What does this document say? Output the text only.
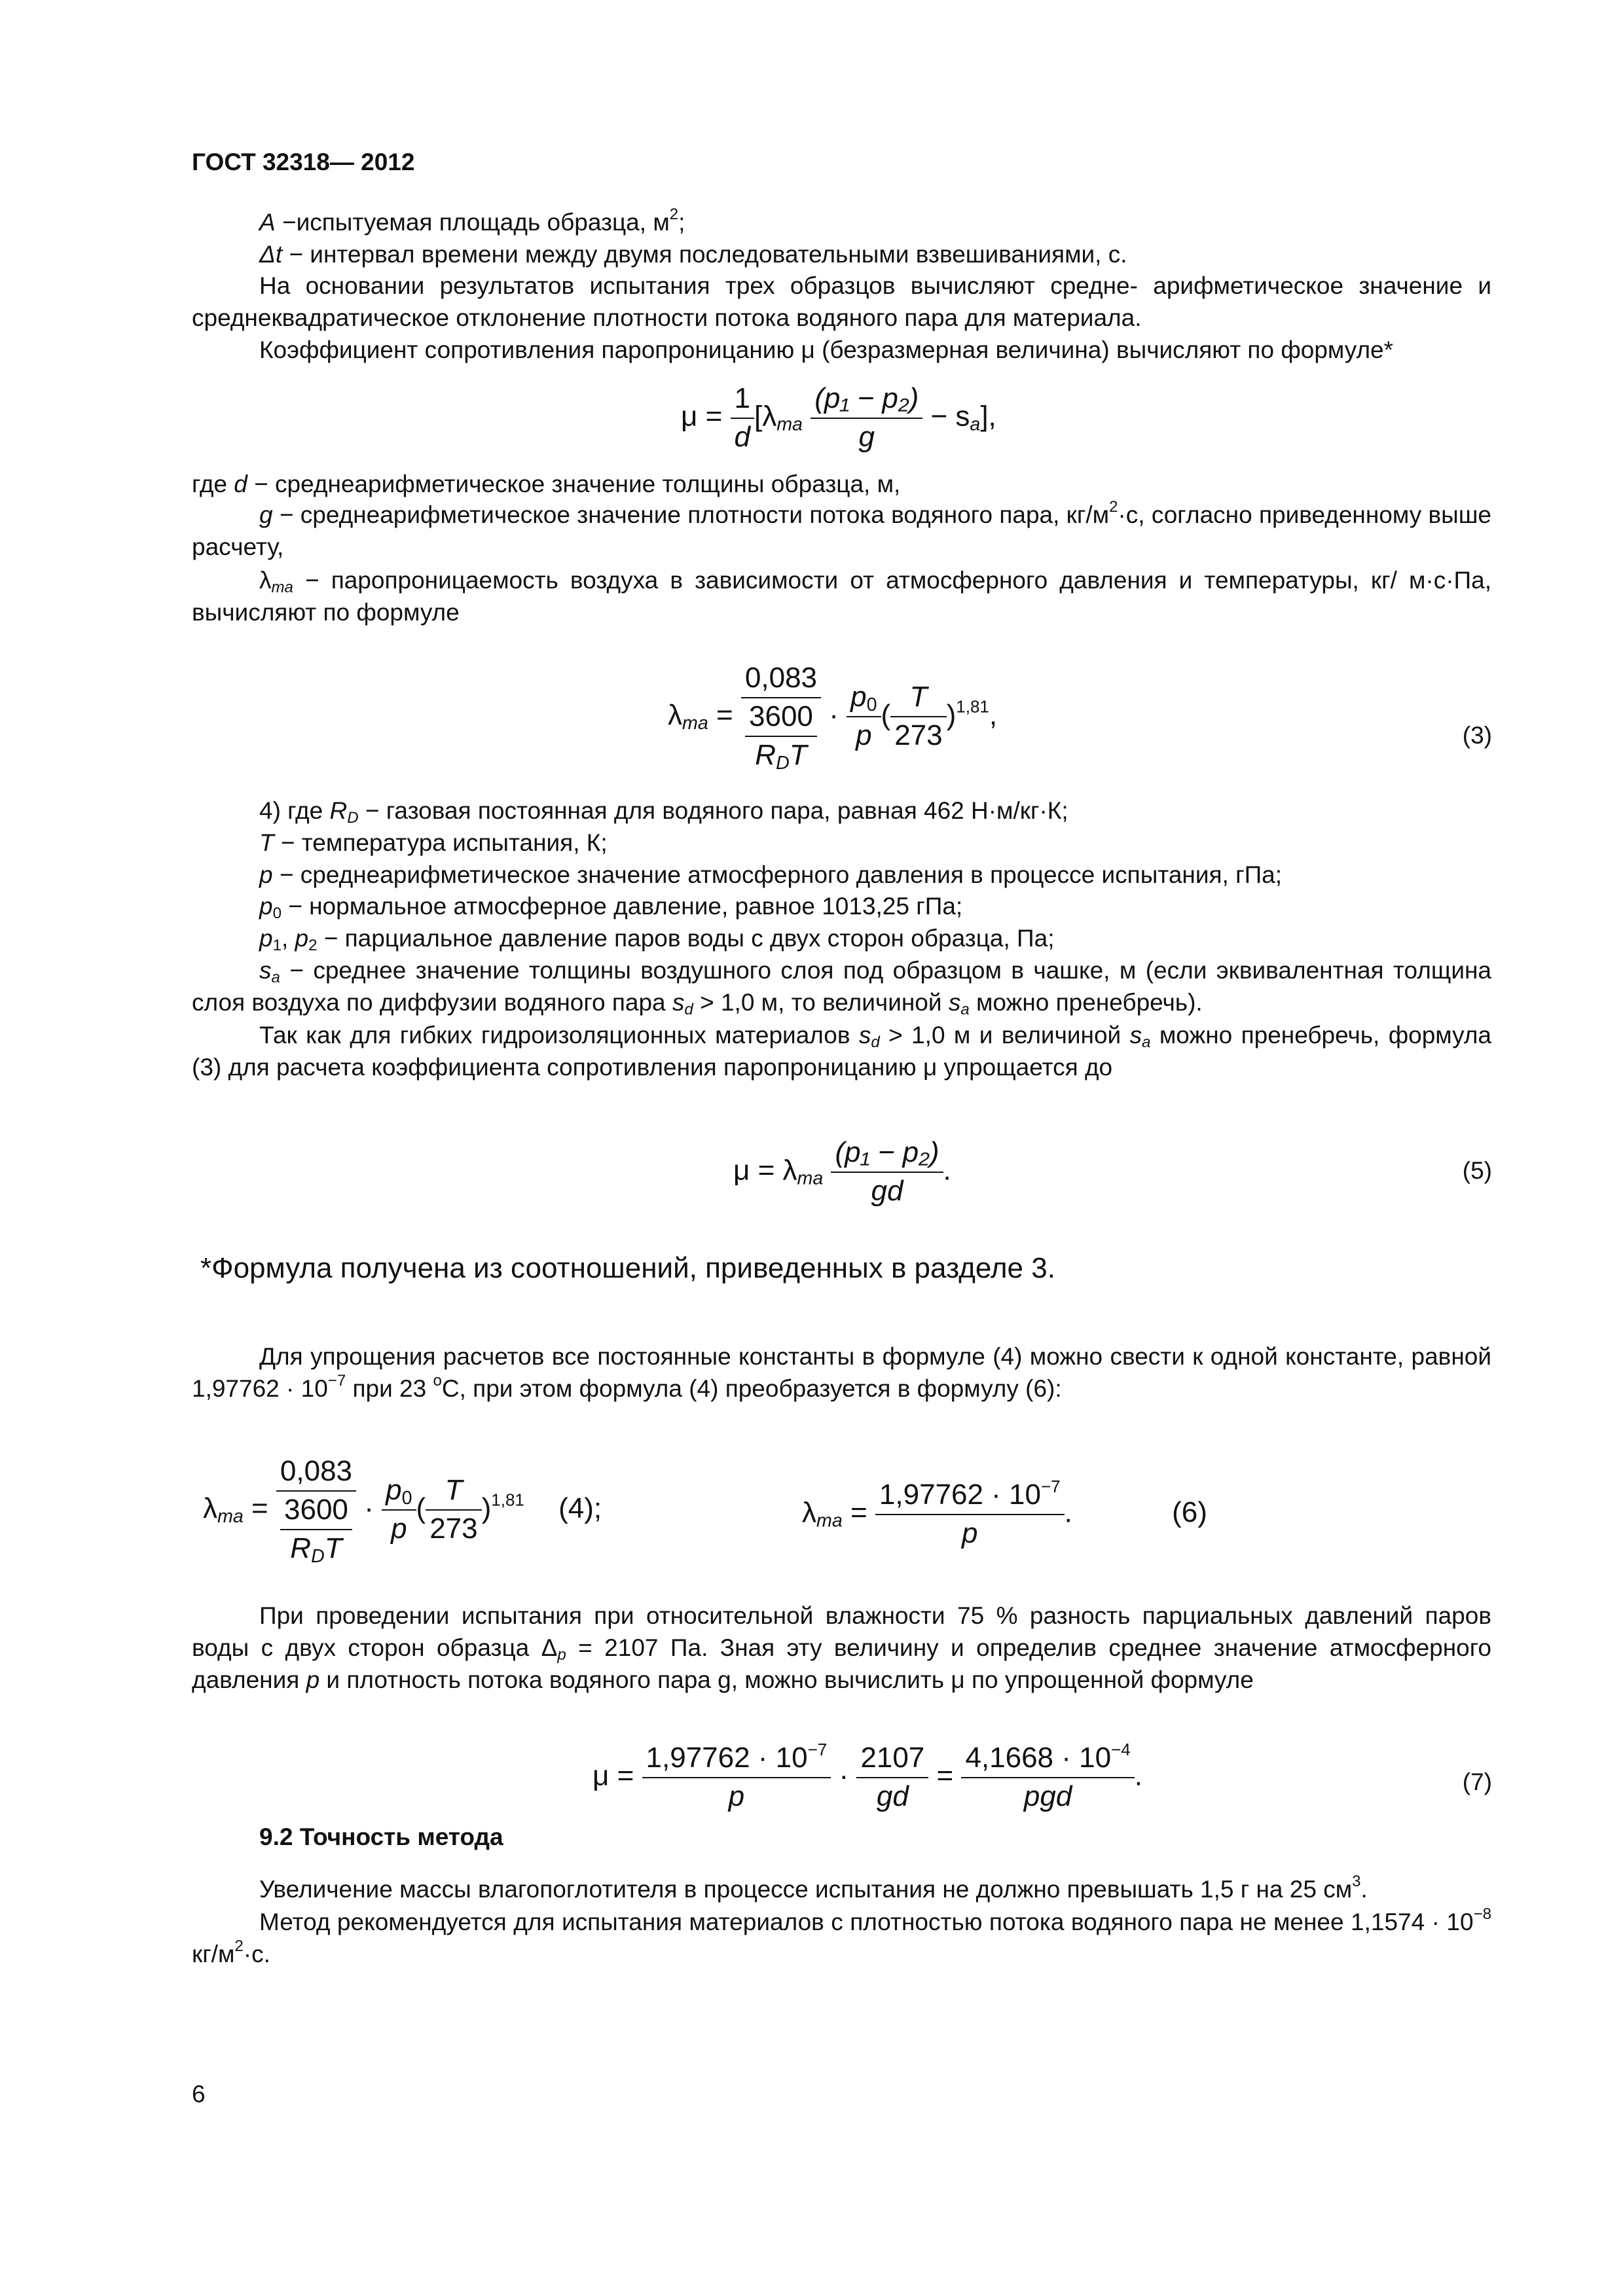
ГОСТ 32318— 2012
A −испытуемая площадь образца, $м^2$;
Δt − интервал времени между двумя последовательными взвешиваниями, с.
На основании результатов испытания трех образцов вычисляют средне- арифметическое значение и среднеквадратическое отклонение плотности потока водяного пара для материала.
Коэффициент сопротивления паропроницанию μ (безразмерная величина) вычисляют по формуле*
$\mu = \frac{1}{d} [\lambda_{ma} \frac{\text{(p₁ − p₂)}}{g} - s_a]$,
где d − среднеарифметическое значение толщины образца, м,
g − среднеарифметическое значение плотности потока водяного пара, $кг/м^2\cdot с$, согласно приведенному выше расчету,
$\lambda_{ma}$ − паропроницаемость воздуха в зависимости от атмосферного давления и температуры, кг/ м·с·Па, вычисляют по формуле
$\lambda_{ma} = \frac{0,083}{\frac{3600}{R_DT}} \cdot \frac{p_0}{p}$ ( $\frac{T}{273} )^{1,81}$,
(3)
4) где $R_D$ − газовая постоянная для водяного пара, равная 462 Н·м/кг·К;
T − температура испытания, К;
p − среднеарифметическое значение атмосферного давления в процессе испытания, гПа;
$p_0$ − нормальное атмосферное давление, равное 1013,25 гПа;
$p_1$, $p_2$ − парциальное давление паров воды с двух сторон образца, Па;
$s_a$ − среднее значение толщины воздушного слоя под образцом в чашке, м (если эквивалентная толщина слоя воздуха по диффузии водяного пара $s_d > 1,0$ м, то величиной $s_a$ можно пренебречь).
Так как для гибких гидроизоляционных материалов $s_d > 1,0$ м и величиной $s_a$ можно пренебречь, формула (3) для расчета коэффициента сопротивления паропроницанию μ упрощается до
$\mu = \lambda_{ma} \frac{\text{(p₁ − p₂)}}{gd}$ .	(5)
*Формула получена из соотношений, приведенных в разделе 3.
Для упрощения расчетов все постоянные константы в формуле (4) можно свести к одной константе, равной $1,97762 \cdot 10^{-7}$ при 23 $^о$С, при этом формула (4) преобразуется в формулу (6):
$\lambda_{ma} = \frac{0,083}{\frac{3600}{R_DT}} \cdot \frac{p_0}{p}$ ( $\frac{T}{273} )^{1,81}$ (4);	$\lambda_{ma} = \frac{1,97762 \cdot 10^{-7}}{p}$ .	(6)
При проведении испытания при относительной влажности 75 % разность парциальных давлений паров воды с двух сторон образца $\Delta_p = 2107$ Па. Зная эту величину и определив среднее значение атмосферного давления p и плотность потока водяного пара g, можно вычислить μ по упрощенной формуле
$\mu = \frac{1,97762 \cdot 10^{-7}}{p} \cdot \frac{2107}{gd} = \frac{4,1668 \cdot 10^{-4}}{\text{pgd}}$ .	(7)
9.2 Точность метода
Увеличение массы влагопоглотителя в процессе испытания не должно превышать 1,5 г на 25 $см^3$.
Метод рекомендуется для испытания материалов с плотностью потока водяного пара не менее $1,1574 \cdot 10^{-8}$ $кг/м^2\cdot с$.
6
